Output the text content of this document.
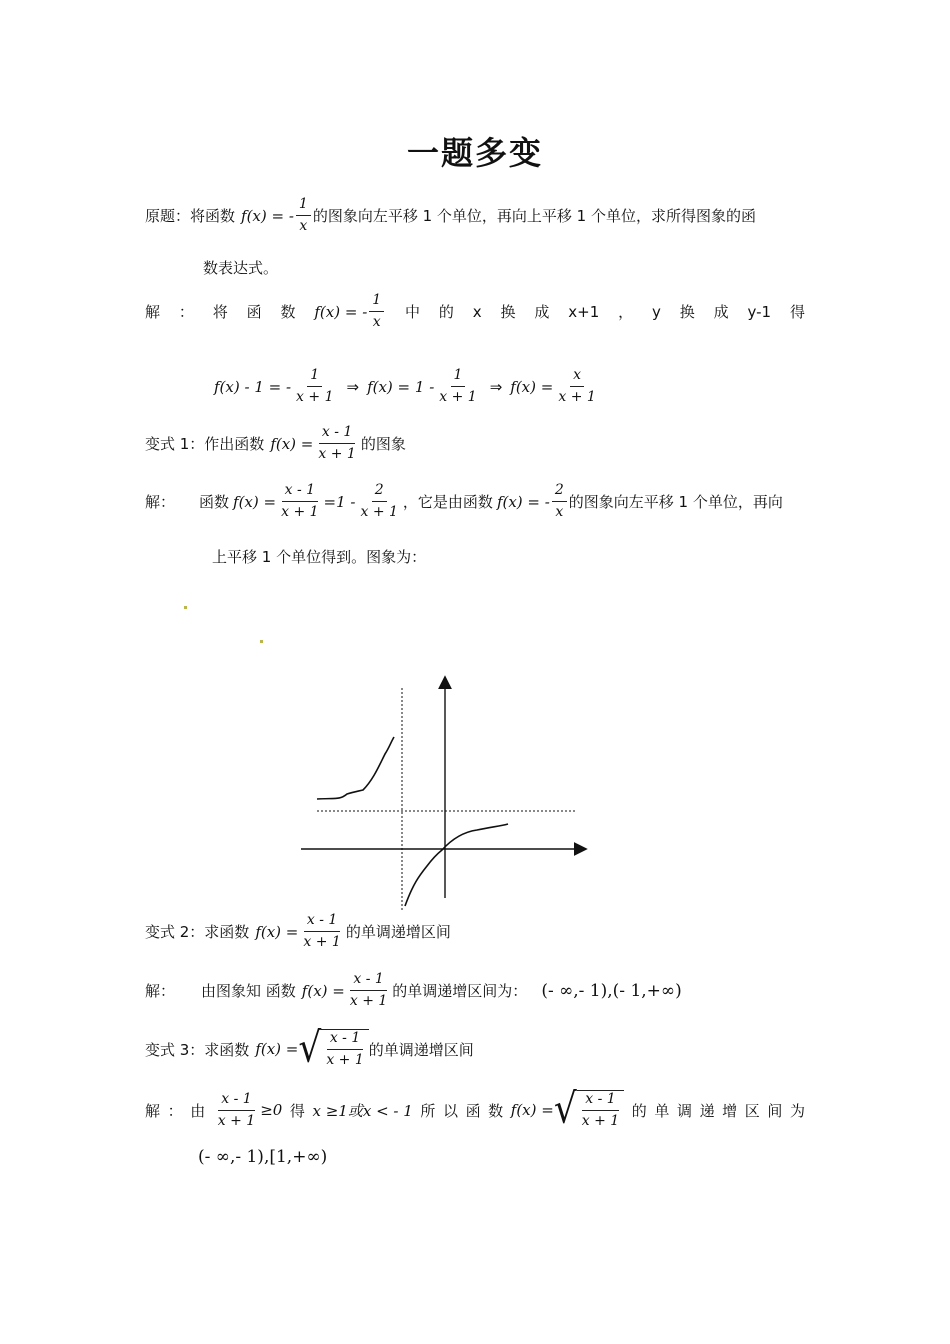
一题多变
原题：将函数 f(x) = - $\frac{1}{x}$ 的图象向左平移 1 个单位，再向上平移 1 个单位，求所得图象的函
数表达式。
解 ： 将 函 数 f(x) = - $\frac{1}{x}$ 中 的 x 换 成 x+1 ， y 换 成 y-1 得
f(x) - 1 = - $\frac{1}{x + 1}$ ⇒ $f(x) = 1 - \frac{1}{x + 1}$ ⇒ $f(x) = \frac{x}{x + 1}$
变式 1：作出函数 $f(x) = \frac{x - 1}{x + 1}$ 的图象
解： 函数 $f(x) = \frac{x - 1}{x + 1} =1 - \frac{2}{x + 1}$ ，它是由函数 f(x) = - $\frac{2}{x}$ 的图象向左平移 1 个单位，再向
上平移 1 个单位得到。图象为：
变式 2：求函数 $f(x) = \frac{x - 1}{x + 1}$ 的单调递增区间
解： 由图象知 函数 $f(x) = \frac{x - 1}{x + 1}$ 的单调递增区间为： (- ∞,- 1),(- 1,+∞)
变式 3：求函数 f(x) = √ $\frac{x - 1}{x + 1}$ 的单调递增区间
解 ： 由 $\frac{x - 1}{x + 1} \ge 0$ 得 x ≥1或x < - 1 所 以 函 数 f(x) = √ $\frac{x - 1}{x + 1}$ 的 单 调 递 增 区 间 为
(- ∞,- 1),[1,+∞)
